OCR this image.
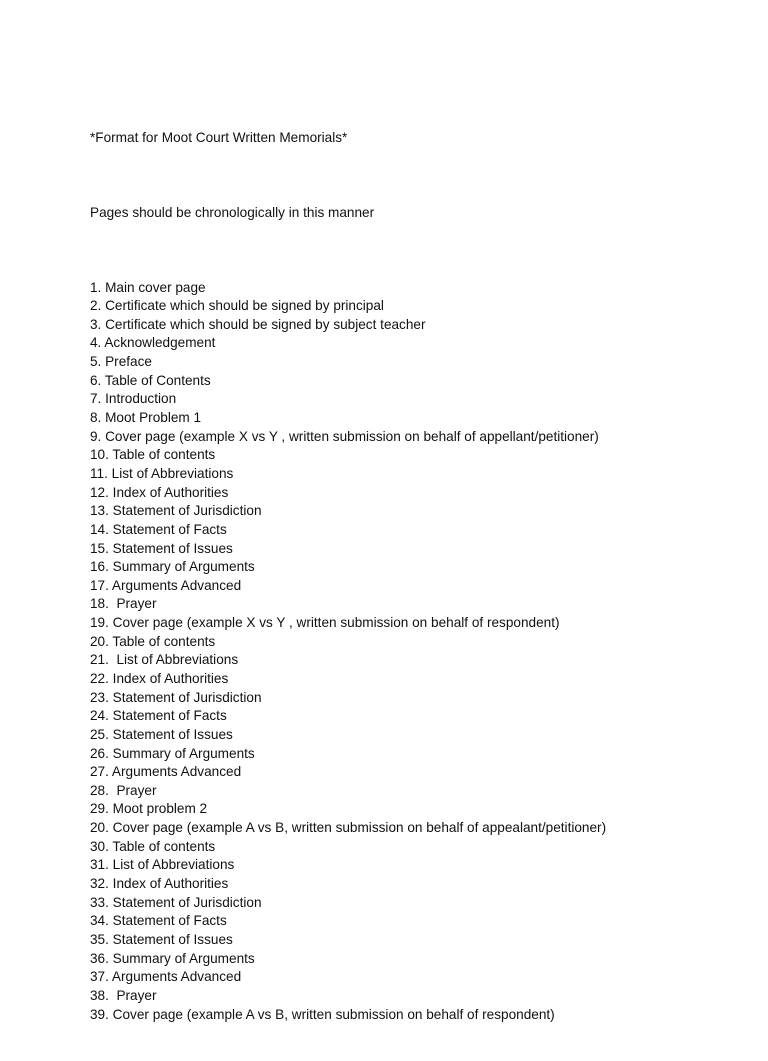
*Format for Moot Court Written Memorials*

Pages should be chronologically in this manner

1. Main cover page
2. Certificate which should be signed by principal
3. Certificate which should be signed by subject teacher
4. Acknowledgement
5. Preface
6. Table of Contents
7. Introduction
8. Moot Problem 1
9. Cover page (example X vs Y , written submission on behalf of appellant/petitioner)
10. Table of contents
11. List of Abbreviations
12. Index of Authorities
13. Statement of Jurisdiction
14. Statement of Facts
15. Statement of Issues
16. Summary of Arguments
17. Arguments Advanced
18.  Prayer
19. Cover page (example X vs Y , written submission on behalf of respondent)
20. Table of contents
21.  List of Abbreviations
22. Index of Authorities
23. Statement of Jurisdiction
24. Statement of Facts
25. Statement of Issues
26. Summary of Arguments
27. Arguments Advanced
28.  Prayer
29. Moot problem 2
20. Cover page (example A vs B, written submission on behalf of appealant/petitioner)
30. Table of contents
31. List of Abbreviations
32. Index of Authorities
33. Statement of Jurisdiction
34. Statement of Facts
35. Statement of Issues
36. Summary of Arguments
37. Arguments Advanced
38.  Prayer
39. Cover page (example A vs B, written submission on behalf of respondent)
